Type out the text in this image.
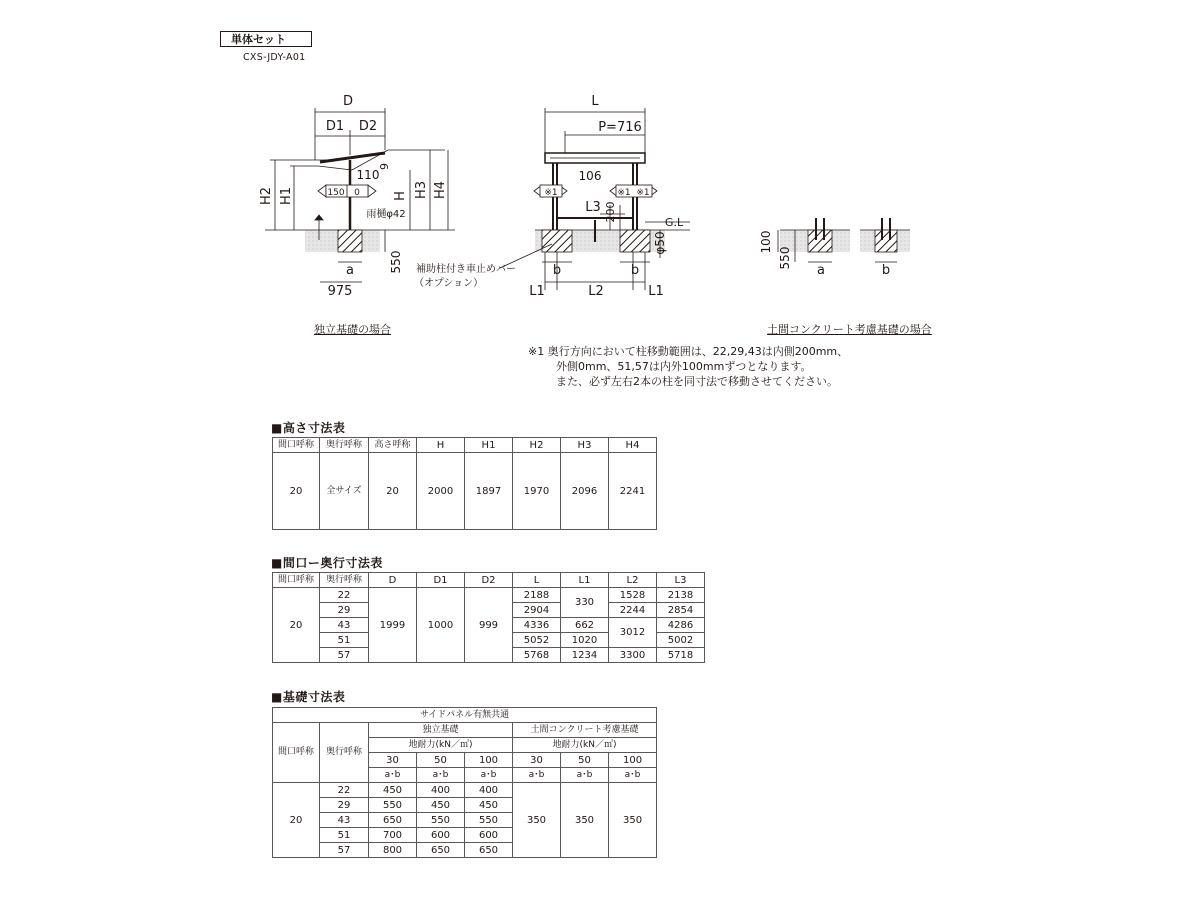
単体セット
CXS-JDY-A01
D
D1 D2
110
9
150 0
雨樋φ42
H2 H1	H H3 H4
a	550
975
L
P=716
106
※1	※1 ※1
L3 200	G.L
φ50
b	b
L1	L2	L1
補助柱付き車止めバー
（オプション）
100
550
a	b
独立基礎の場合	土間コンクリート考慮基礎の場合
※1 奥行方向において柱移動範囲は、22,29,43は内側200mm、
外側0mm、51,57は内外100mmずつとなります。
また、必ず左右2本の柱を同寸法で移動させてください。
■高さ寸法表
間口呼称	奥行呼称	高さ呼称	H	H1	H2	H3	H4
20	全サイズ	20	2000	1897	1970	2096	2241
■間口ー奥行寸法表
間口呼称	奥行呼称	D	D1	D2	L	L1	L2	L3
20	22	1999	1000	999	2188	330	1528	2138
	29				2904		2244	2854
	43				4336	662	3012	4286
	51				5052	1020		5002
	57				5768	1234	3300	5718
■基礎寸法表
サイドパネル有無共通							
間口呼称	奥行呼称	独立基礎			土間コンクリート考慮基礎		
		地耐力(kN／㎡)			地耐力(kN／㎡)		
		30	50	100	30	50	100
		a･b	a･b	a･b	a･b	a･b	a･b
20	22	450	400	400	350	350	350
	29	550	450	450			
	43	650	550	550			
	51	700	600	600			
	57	800	650	650			
